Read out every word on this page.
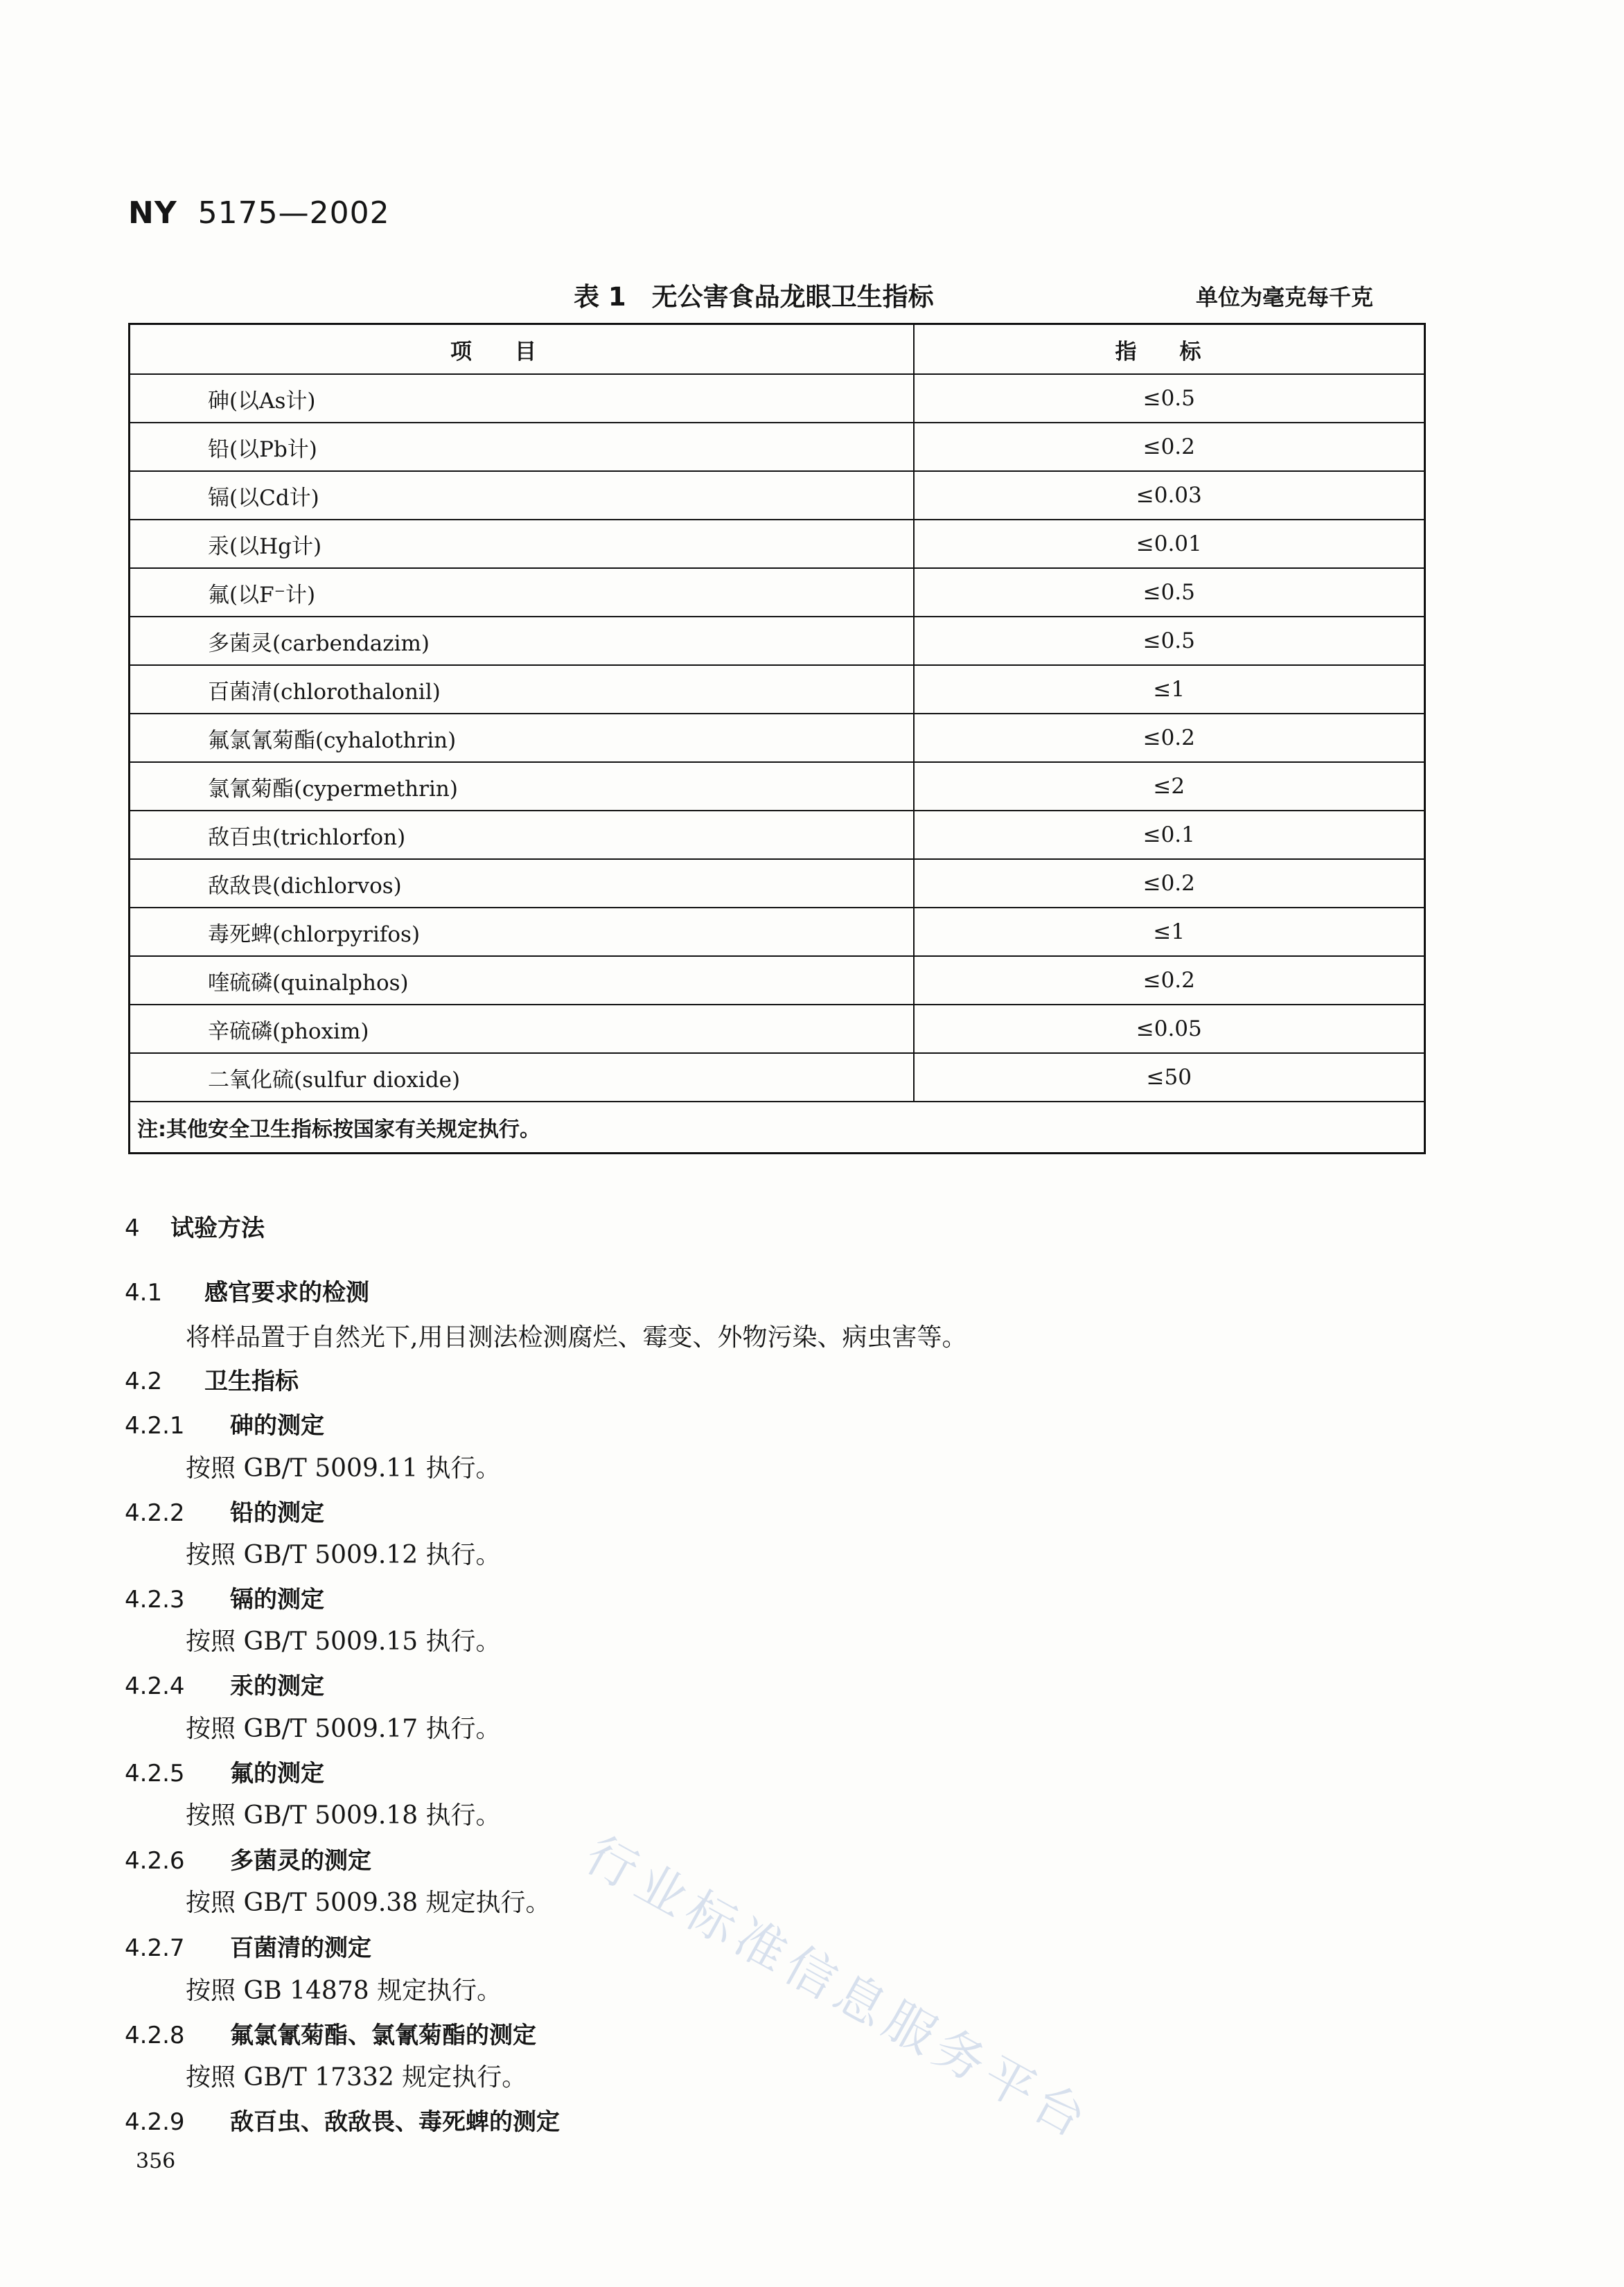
NY 5175—2002
表 1　无公害食品龙眼卫生指标	单位为毫克每千克
项　　目	指　　标
砷(以As计)	≤0.5
铅(以Pb计)	≤0.2
镉(以Cd计)	≤0.03
汞(以Hg计)	≤0.01
氟(以F⁻计)	≤0.5
多菌灵(carbendazim)	≤0.5
百菌清(chlorothalonil)	≤1
氟氯氰菊酯(cyhalothrin)	≤0.2
氯氰菊酯(cypermethrin)	≤2
敌百虫(trichlorfon)	≤0.1
敌敌畏(dichlorvos)	≤0.2
毒死蜱(chlorpyrifos)	≤1
喹硫磷(quinalphos)	≤0.2
辛硫磷(phoxim)	≤0.05
二氧化硫(sulfur dioxide)	≤50
注:其他安全卫生指标按国家有关规定执行。	
4 试验方法
4.1 感官要求的检测
将样品置于自然光下,用目测法检测腐烂、霉变、外物污染、病虫害等。
4.2 卫生指标
4.2.1 砷的测定
按照 GB/T 5009.11 执行。
4.2.2 铅的测定
按照 GB/T 5009.12 执行。
4.2.3 镉的测定
按照 GB/T 5009.15 执行。
4.2.4 汞的测定
按照 GB/T 5009.17 执行。
4.2.5 氟的测定
按照 GB/T 5009.18 执行。
4.2.6 多菌灵的测定
按照 GB/T 5009.38 规定执行。
4.2.7 百菌清的测定
按照 GB 14878 规定执行。
4.2.8 氟氯氰菊酯、氯氰菊酯的测定
按照 GB/T 17332 规定执行。
4.2.9 敌百虫、敌敌畏、毒死蜱的测定
356
行业标准信息服务平台
